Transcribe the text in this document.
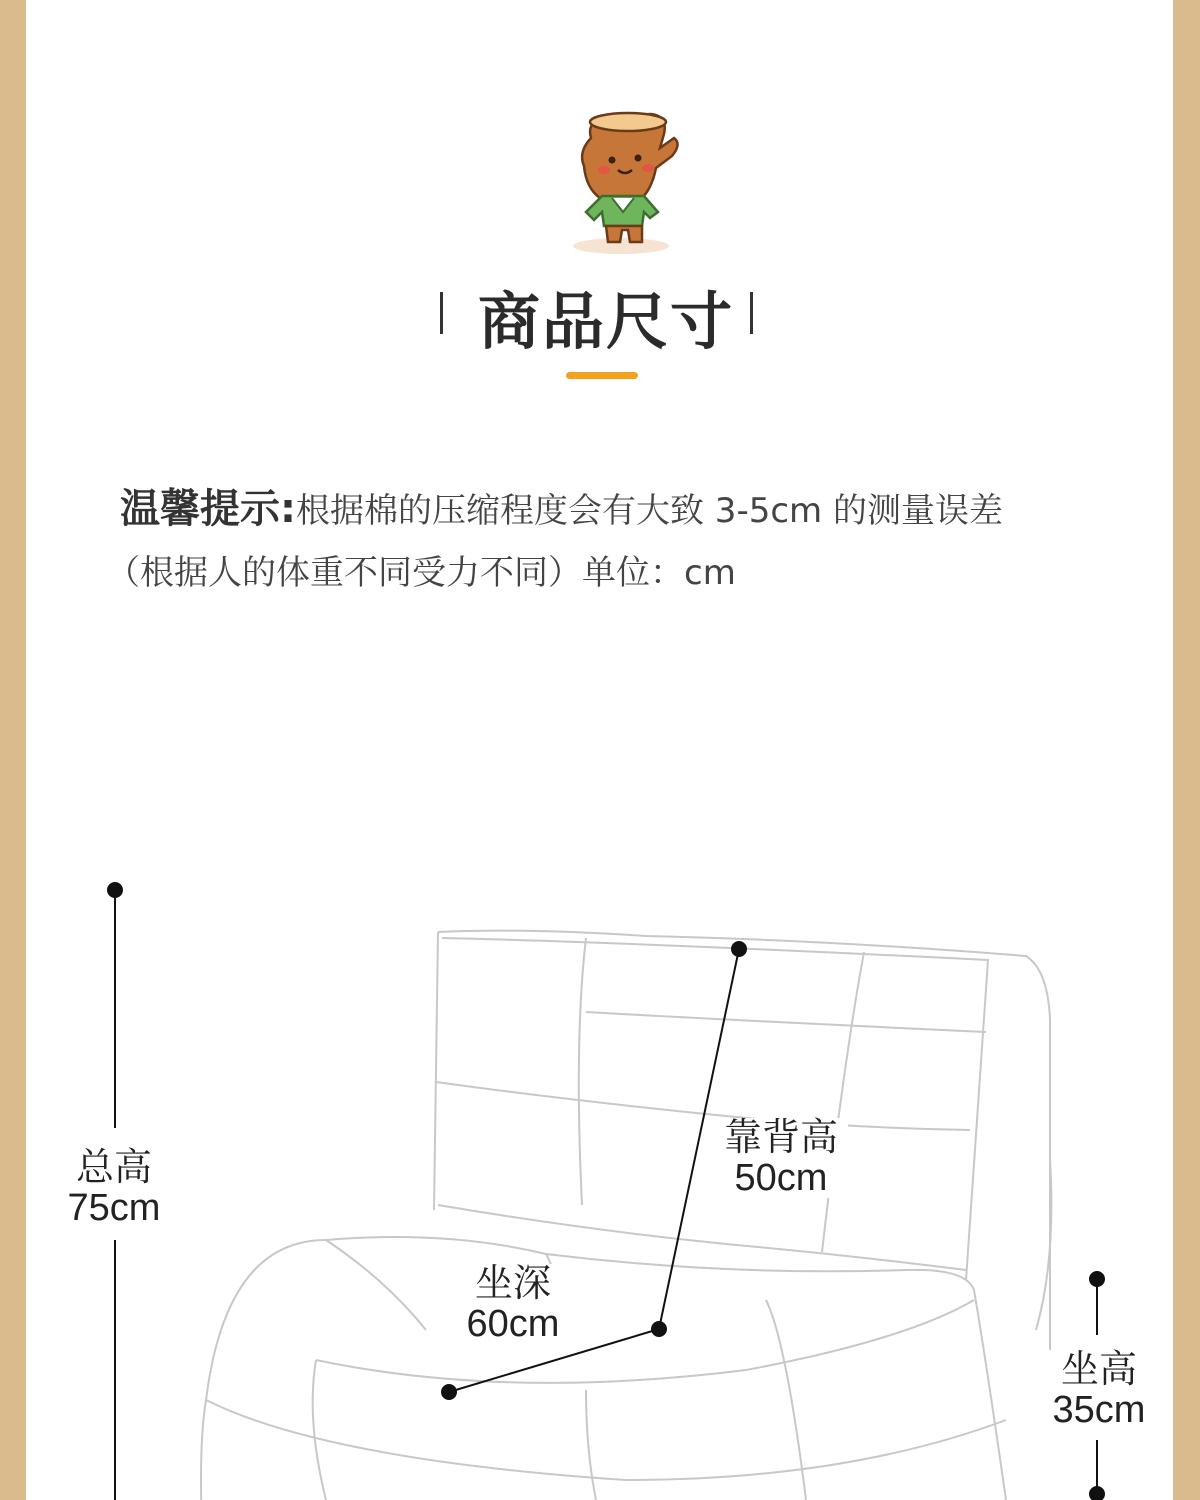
商品尺寸
温馨提示:根据棉的压缩程度会有大致 3-5cm 的测量误差
（根据人的体重不同受力不同）单位：cm
总高
75cm
靠背高
50cm
坐深
60cm
坐高
35cm
